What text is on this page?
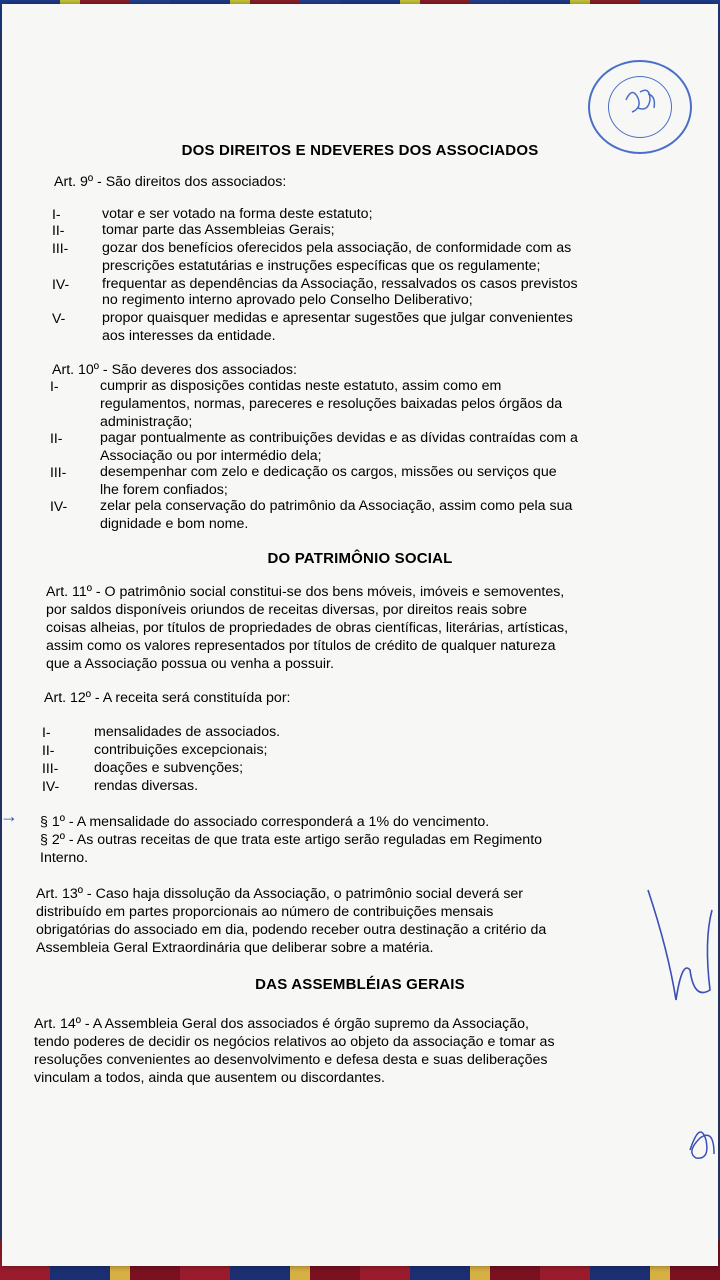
DOS DIREITOS E NDEVERES DOS ASSOCIADOS
Art. 9º - São direitos dos associados:
I-	votar e ser votado na forma deste estatuto;
II-	tomar parte das Assembleias Gerais;
III- gozar dos benefícios oferecidos pela associação, de conformidade com as
prescrições estatutárias e instruções específicas que os regulamente;
IV- frequentar as dependências da Associação, ressalvados os casos previstos
no regimento interno aprovado pelo Conselho Deliberativo;
V-	propor quaisquer medidas e apresentar sugestões que julgar convenientes
aos interesses da entidade.
Art. 10º - São deveres dos associados:
I-	cumprir as disposições contidas neste estatuto, assim como em
regulamentos, normas, pareceres e resoluções baixadas pelos órgãos da
administração;
II-	pagar pontualmente as contribuições devidas e as dívidas contraídas com a
Associação ou por intermédio dela;
III- desempenhar com zelo e dedicação os cargos, missões ou serviços que
lhe forem confiados;
IV- zelar pela conservação do patrimônio da Associação, assim como pela sua
dignidade e bom nome.
DO PATRIMÔNIO SOCIAL
Art. 11º - O patrimônio social constitui-se dos bens móveis, imóveis e semoventes,
por saldos disponíveis oriundos de receitas diversas, por direitos reais sobre
coisas alheias, por títulos de propriedades de obras científicas, literárias, artísticas,
assim como os valores representados por títulos de crédito de qualquer natureza
que a Associação possua ou venha a possuir.
Art. 12º - A receita será constituída por:
I-	mensalidades de associados.
II-	contribuições excepcionais;
III-	doações e subvenções;
IV- rendas diversas.
→ § 1º - A mensalidade do associado corresponderá a 1% do vencimento.
§ 2º - As outras receitas de que trata este artigo serão reguladas em Regimento
Interno.
Art. 13º - Caso haja dissolução da Associação, o patrimônio social deverá ser
distribuído em partes proporcionais ao número de contribuições mensais
obrigatórias do associado em dia, podendo receber outra destinação a critério da
Assembleia Geral Extraordinária que deliberar sobre a matéria.
DAS ASSEMBLÉIAS GERAIS
Art. 14º - A Assembleia Geral dos associados é órgão supremo da Associação,
tendo poderes de decidir os negócios relativos ao objeto da associação e tomar as
resoluções convenientes ao desenvolvimento e defesa desta e suas deliberações
vinculam a todos, ainda que ausentem ou discordantes.
